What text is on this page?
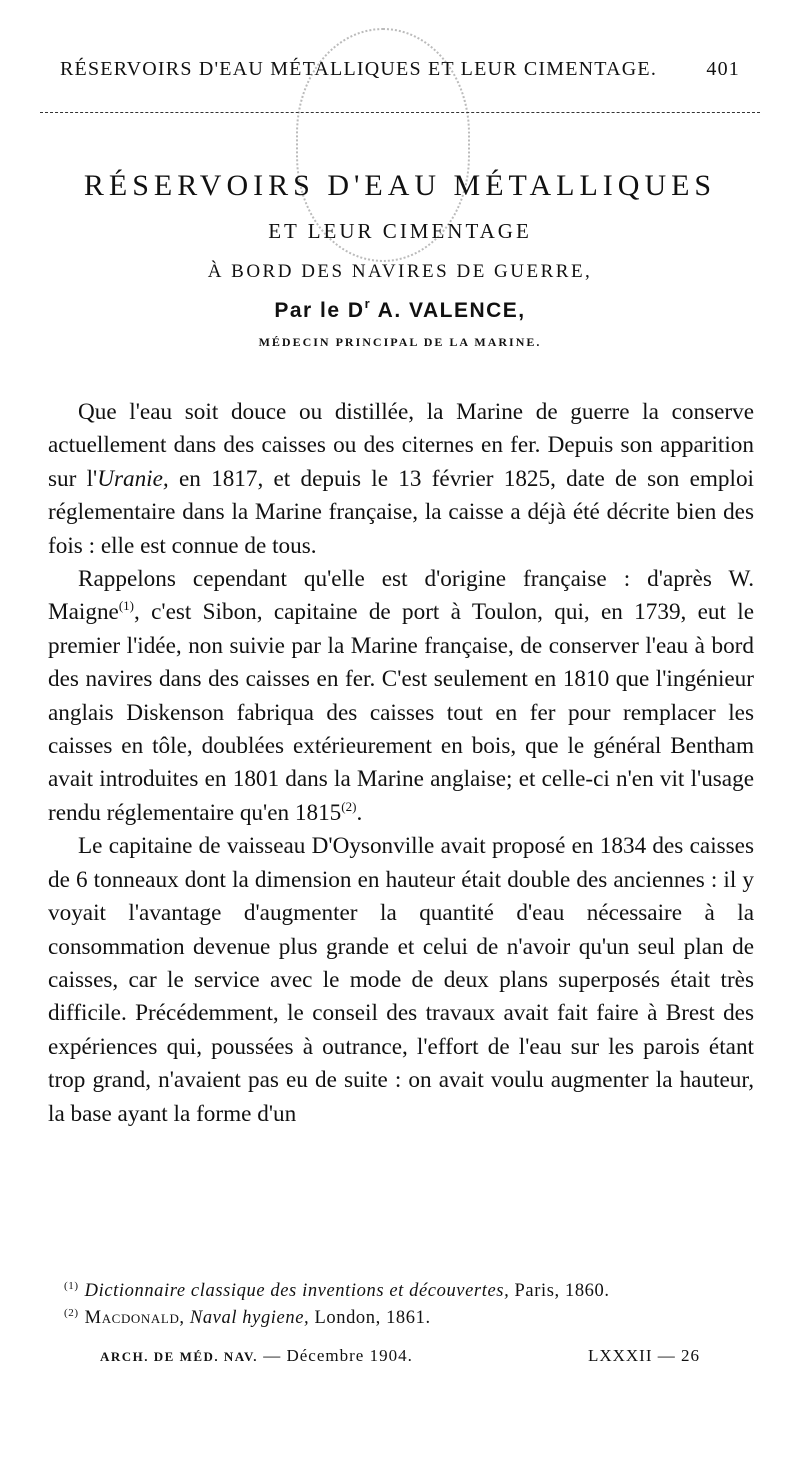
RÉSERVOIRS D'EAU MÉTALLIQUES ET LEUR CIMENTAGE. 401
RÉSERVOIRS D'EAU MÉTALLIQUES
ET LEUR CIMENTAGE
À BORD DES NAVIRES DE GUERRE,
Par le $D^r$ A. VALENCE,
MÉDECIN PRINCIPAL DE LA MARINE.

Que l'eau soit douce ou distillée, la Marine de guerre la conserve actuellement dans des caisses ou des citernes en fer. Depuis son apparition sur l'Uranie, en 1817, et depuis le 13 février 1825, date de son emploi réglementaire dans la Marine française, la caisse a déjà été décrite bien des fois : elle est connue de tous.

Rappelons cependant qu'elle est d'origine française : d'après W. Maigne$^{(1)}$, c'est Sibon, capitaine de port à Toulon, qui, en 1739, eut le premier l'idée, non suivie par la Marine française, de conserver l'eau à bord des navires dans des caisses en fer. C'est seulement en 1810 que l'ingénieur anglais Diskenson fabriqua des caisses tout en fer pour remplacer les caisses en tôle, doublées extérieurement en bois, que le général Bentham avait introduites en 1801 dans la Marine anglaise; et celle-ci n'en vit l'usage rendu réglementaire qu'en 1815$^{(2)}$.

Le capitaine de vaisseau D'Oysonville avait proposé en 1834 des caisses de 6 tonneaux dont la dimension en hauteur était double des anciennes : il y voyait l'avantage d'augmenter la quantité d'eau nécessaire à la consommation devenue plus grande et celui de n'avoir qu'un seul plan de caisses, car le service avec le mode de deux plans superposés était très difficile. Précédemment, le conseil des travaux avait fait faire à Brest des expériences qui, poussées à outrance, l'effort de l'eau sur les parois étant trop grand, n'avaient pas eu de suite : on avait voulu augmenter la hauteur, la base ayant la forme d'un

$^{(1)}$ Dictionnaire classique des inventions et découvertes, Paris, 1860.

$^{(2)}$ Macdonald, Naval hygiene, London, 1861.

ARCH. DE MÉD. NAV. — Décembre 1904.	LXXXII — 26
